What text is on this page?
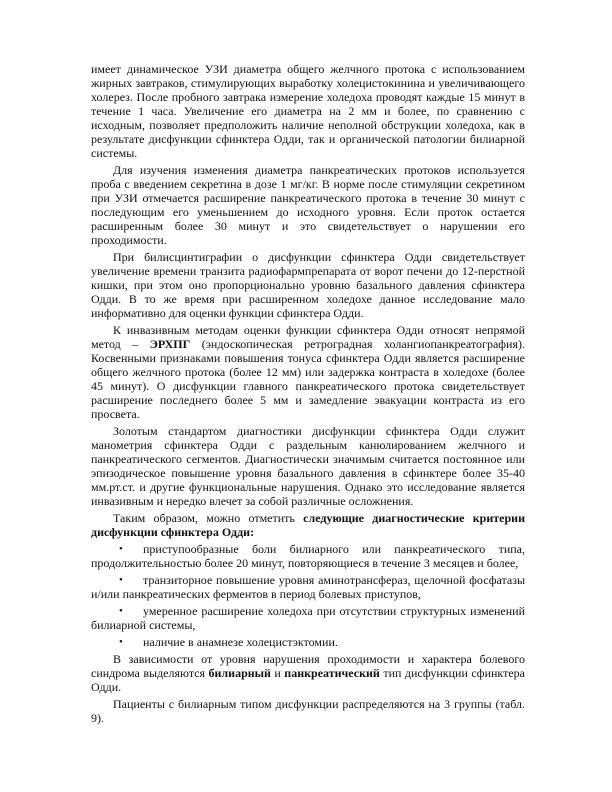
имеет динамическое УЗИ диаметра общего желчного протока с использованием жирных завтраков, стимулирующих выработку холецистокинина и увеличивающего холерез. После пробного завтрака измерение холедоха проводят каждые 15 минут в течение 1 часа. Увеличение его диаметра на 2 мм и более, по сравнению с исходным, позволяет предположить наличие неполной обструкции холедоха, как в результате дисфункции сфинктера Одди, так и органической патологии билиарной системы.

Для изучения изменения диаметра панкреатических протоков используется проба с введением секретина в дозе 1 мг/кг. В норме после стимуляции секретином при УЗИ отмечается расширение панкреатического протока в течение 30 минут с последующим его уменьшением до исходного уровня. Если проток остается расширенным более 30 минут и это свидетельствует о нарушении его проходимости.

При билисцинтиграфии о дисфункции сфинктера Одди свидетельствует увеличение времени транзита радиофармпрепарата от ворот печени до 12-перстной кишки, при этом оно пропорционально уровню базального давления сфинктера Одди. В то же время при расширенном холедохе данное исследование мало информативно для оценки функции сфинктера Одди.

К инвазивным методам оценки функции сфинктера Одди относят непрямой метод – ЭРХПГ (эндоскопическая ретроградная холангиопанкреатография). Косвенными признаками повышения тонуса сфинктера Одди является расширение общего желчного протока (более 12 мм) или задержка контраста в холедохе (более 45 минут). О дисфункции главного панкреатического протока свидетельствует расширение последнего более 5 мм и замедление эвакуации контраста из его просвета.

Золотым стандартом диагностики дисфункции сфинктера Одди служит манометрия сфинктера Одди с раздельным канюлированием желчного и панкреатического сегментов. Диагностически значимым считается постоянное или эпизодическое повышение уровня базального давления в сфинктере более 35-40 мм.рт.ст. и другие функциональные нарушения. Однако это исследование является инвазивным и нередко влечет за собой различные осложнения.

Таким образом, можно отметить следующие диагностические критерии дисфункции сфинктера Одди:

• приступообразные боли билиарного или панкреатического типа, продолжительностью более 20 минут, повторяющиеся в течение 3 месяцев и более,
• транзиторное повышение уровня аминотрансфераз, щелочной фосфатазы и/или панкреатических ферментов в период болевых приступов,
• умеренное расширение холедоха при отсутствии структурных изменений билиарной системы,
• наличие в анамнезе холецистэктомии.

В зависимости от уровня нарушения проходимости и характера болевого синдрома выделяются билиарный и панкреатический тип дисфункции сфинктера Одди.

Пациенты с билиарным типом дисфункции распределяются на 3 группы (табл. 9).
